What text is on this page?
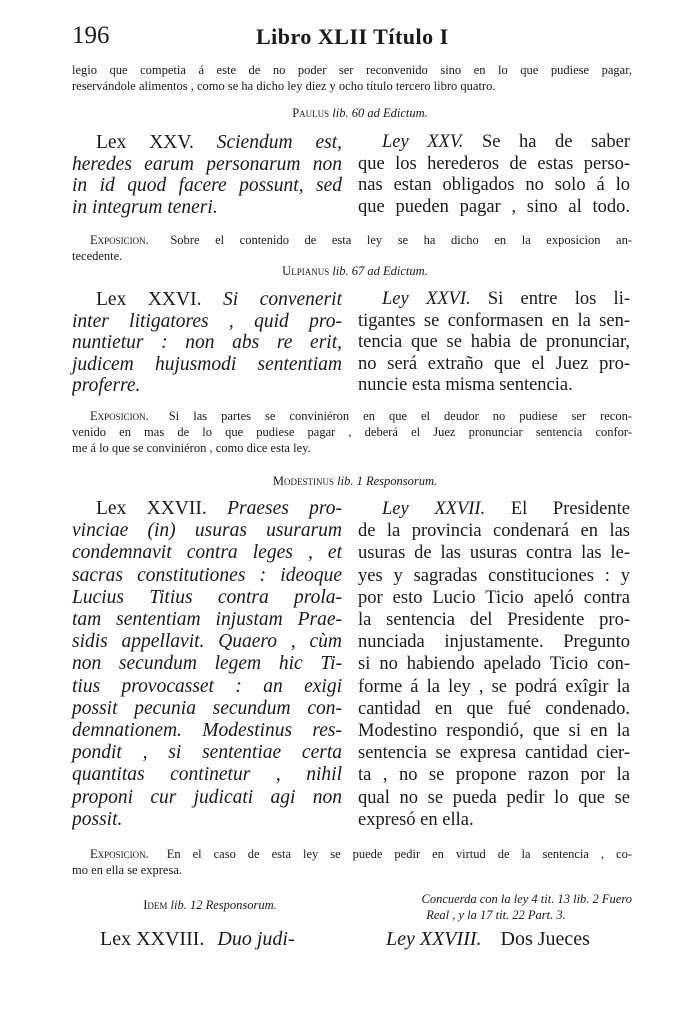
196	Libro XLII Título I
legio que competia á este de no poder ser reconvenido sino en lo que pudiese pagar,
reservándole alimentos , como se ha dicho ley diez y ocho título tercero libro quatro.
Paulus lib. 60 ad Edictum.
Lex XXV. Sciendum est,
heredes earum personarum non
in id quod facere possunt, sed
in integrum teneri.
Ley XXV. Se ha de saber
que los herederos de estas perso-
nas estan obligados no solo á lo
que pueden pagar , sino al todo.
Exposicion. Sobre el contenido de esta ley se ha dicho en la exposicion an-
tecedente.
Ulpianus lib. 67 ad Edictum.
Lex XXVI. Si convenerit
inter litigatores , quid pro-
nuntietur : non abs re erit,
judicem hujusmodi sententiam
proferre.
Ley XXVI. Si entre los li-
tigantes se conformasen en la sen-
tencia que se habia de pronunciar,
no será extraño que el Juez pro-
nuncie esta misma sentencia.
Exposicion. Si las partes se conviniéron en que el deudor no pudiese ser recon-
venido en mas de lo que pudiese pagar , deberá el Juez pronunciar sentencia confor-
me á lo que se conviniéron , como dice esta ley.
Modestinus lib. 1 Responsorum.
Lex XXVII. Praeses pro-
vinciae (in) usuras usurarum
condemnavit contra leges , et
sacras constitutiones : ideoque
Lucius Titius contra prola-
tam sententiam injustam Prae-
sidis appellavit. Quaero , cùm
non secundum legem hic Ti-
tius provocasset : an exigi
possit pecunia secundum con-
demnationem. Modestinus res-
pondit , si sententiae certa
quantitas continetur , nihil
proponi cur judicati agi non
possit.
Ley XXVII. El Presidente
de la provincia condenará en las
usuras de las usuras contra las le-
yes y sagradas constituciones : y
por esto Lucio Ticio apeló contra
la sentencia del Presidente pro-
nunciada injustamente. Pregunto
si no habiendo apelado Ticio con-
forme á la ley , se podrá exîgir la
cantidad en que fué condenado.
Modestino respondió, que si en la
sentencia se expresa cantidad cier-
ta , no se propone razon por la
qual no se pueda pedir lo que se
expresó en ella.
Exposicion. En el caso de esta ley se puede pedir en virtud de la sentencia , co-
mo en ella se expresa.
Idem lib. 12 Responsorum.	Concuerda con la ley 4 tit. 13 lib. 2 Fuero
Real , y la 17 tit. 22 Part. 3.
Lex XXVIII. Duo judi-	Ley XXVIII. Dos Jueces
